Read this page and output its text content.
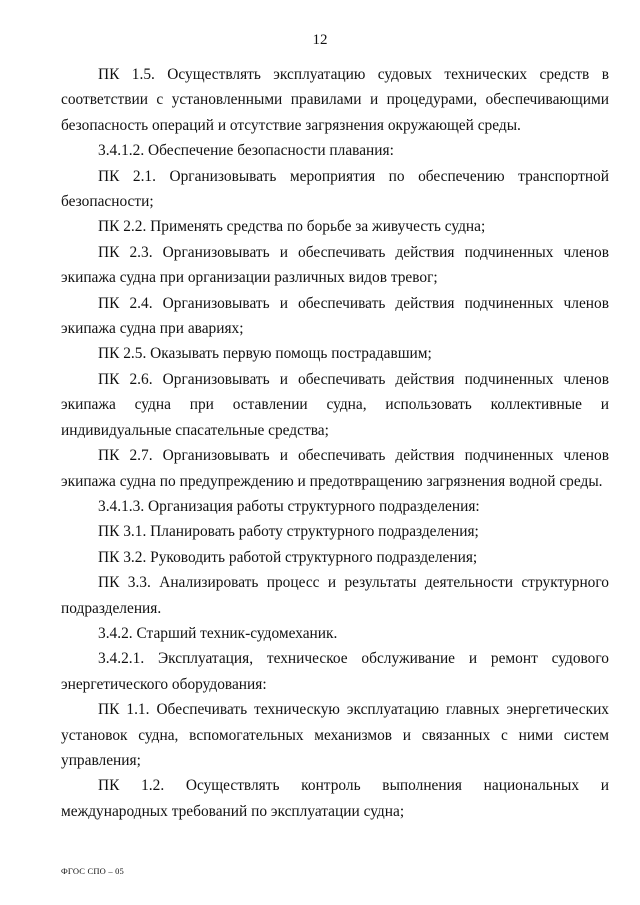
12

ПК 1.5. Осуществлять эксплуатацию судовых технических средств в соответствии с установленными правилами и процедурами, обеспечивающими безопасность операций и отсутствие загрязнения окружающей среды.

3.4.1.2. Обеспечение безопасности плавания:

ПК 2.1. Организовывать мероприятия по обеспечению транспортной безопасности;

ПК 2.2. Применять средства по борьбе за живучесть судна;

ПК 2.3. Организовывать и обеспечивать действия подчиненных членов экипажа судна при организации различных видов тревог;

ПК 2.4. Организовывать и обеспечивать действия подчиненных членов экипажа судна при авариях;

ПК 2.5. Оказывать первую помощь пострадавшим;

ПК 2.6. Организовывать и обеспечивать действия подчиненных членов экипажа судна при оставлении судна, использовать коллективные и индивидуальные спасательные средства;

ПК 2.7. Организовывать и обеспечивать действия подчиненных членов экипажа судна по предупреждению и предотвращению загрязнения водной среды.

3.4.1.3. Организация работы структурного подразделения:

ПК 3.1. Планировать работу структурного подразделения;

ПК 3.2. Руководить работой структурного подразделения;

ПК 3.3. Анализировать процесс и результаты деятельности структурного подразделения.

3.4.2. Старший техник-судомеханик.

3.4.2.1. Эксплуатация, техническое обслуживание и ремонт судового энергетического оборудования:

ПК 1.1. Обеспечивать техническую эксплуатацию главных энергетических установок судна, вспомогательных механизмов и связанных с ними систем управления;

ПК 1.2. Осуществлять контроль выполнения национальных и международных требований по эксплуатации судна;

ФГОС СПО – 05
